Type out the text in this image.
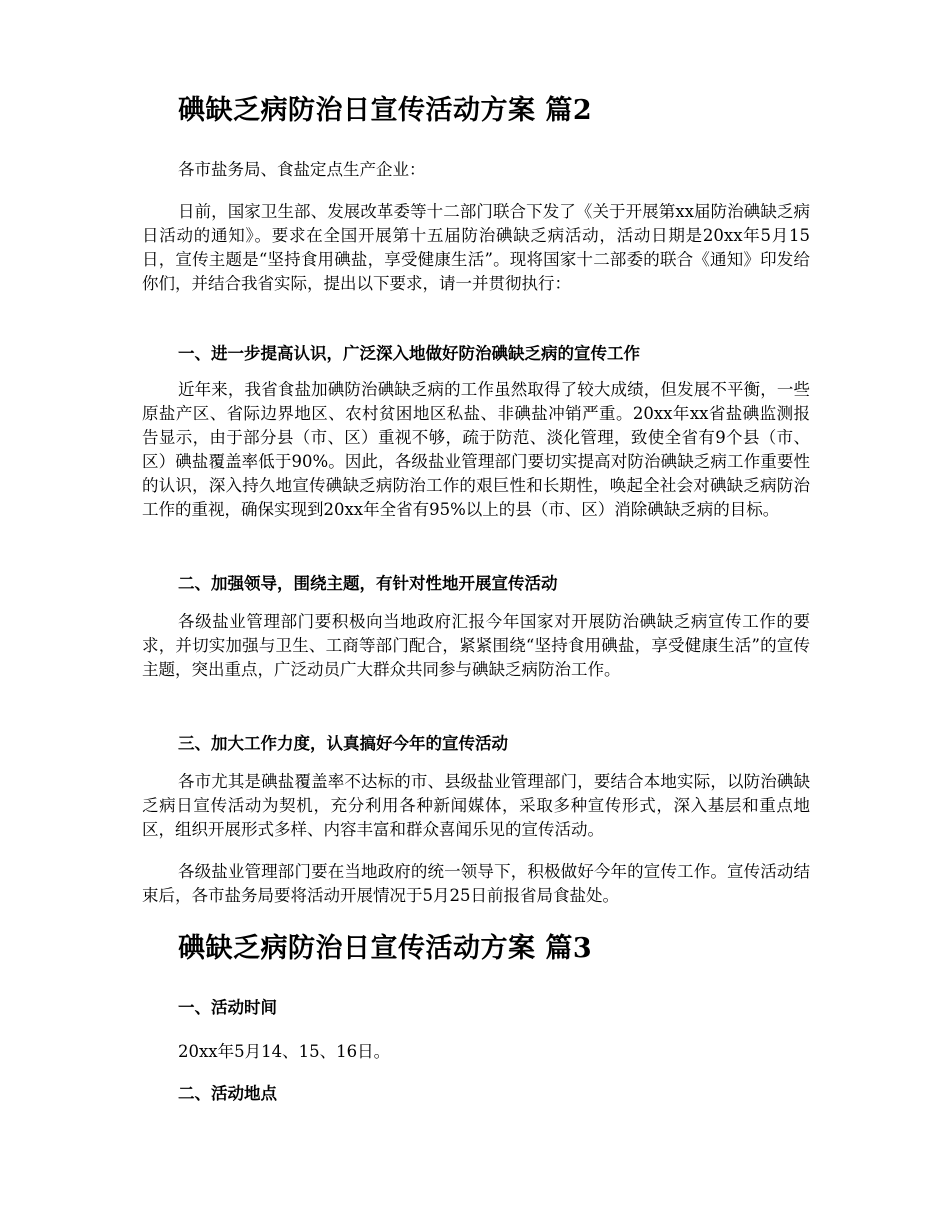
碘缺乏病防治日宣传活动方案 篇2

各市盐务局、食盐定点生产企业：

日前，国家卫生部、发展改革委等十二部门联合下发了《关于开展第xx届防治碘缺乏病日活动的通知》。要求在全国开展第十五届防治碘缺乏病活动，活动日期是20xx年5月15日，宣传主题是“坚持食用碘盐，享受健康生活”。现将国家十二部委的联合《通知》印发给你们，并结合我省实际，提出以下要求，请一并贯彻执行：

一、进一步提高认识，广泛深入地做好防治碘缺乏病的宣传工作

近年来，我省食盐加碘防治碘缺乏病的工作虽然取得了较大成绩，但发展不平衡，一些原盐产区、省际边界地区、农村贫困地区私盐、非碘盐冲销严重。20xx年xx省盐碘监测报告显示，由于部分县（市、区）重视不够，疏于防范、淡化管理，致使全省有9个县（市、区）碘盐覆盖率低于90%。因此，各级盐业管理部门要切实提高对防治碘缺乏病工作重要性的认识，深入持久地宣传碘缺乏病防治工作的艰巨性和长期性，唤起全社会对碘缺乏病防治工作的重视，确保实现到20xx年全省有95%以上的县（市、区）消除碘缺乏病的目标。

二、加强领导，围绕主题，有针对性地开展宣传活动

各级盐业管理部门要积极向当地政府汇报今年国家对开展防治碘缺乏病宣传工作的要求，并切实加强与卫生、工商等部门配合，紧紧围绕“坚持食用碘盐，享受健康生活”的宣传主题，突出重点，广泛动员广大群众共同参与碘缺乏病防治工作。

三、加大工作力度，认真搞好今年的宣传活动

各市尤其是碘盐覆盖率不达标的市、县级盐业管理部门，要结合本地实际，以防治碘缺乏病日宣传活动为契机，充分利用各种新闻媒体，采取多种宣传形式，深入基层和重点地区，组织开展形式多样、内容丰富和群众喜闻乐见的宣传活动。

各级盐业管理部门要在当地政府的统一领导下，积极做好今年的宣传工作。宣传活动结束后，各市盐务局要将活动开展情况于5月25日前报省局食盐处。

碘缺乏病防治日宣传活动方案 篇3
一、活动时间

20xx年5月14、15、16日。

二、活动地点
